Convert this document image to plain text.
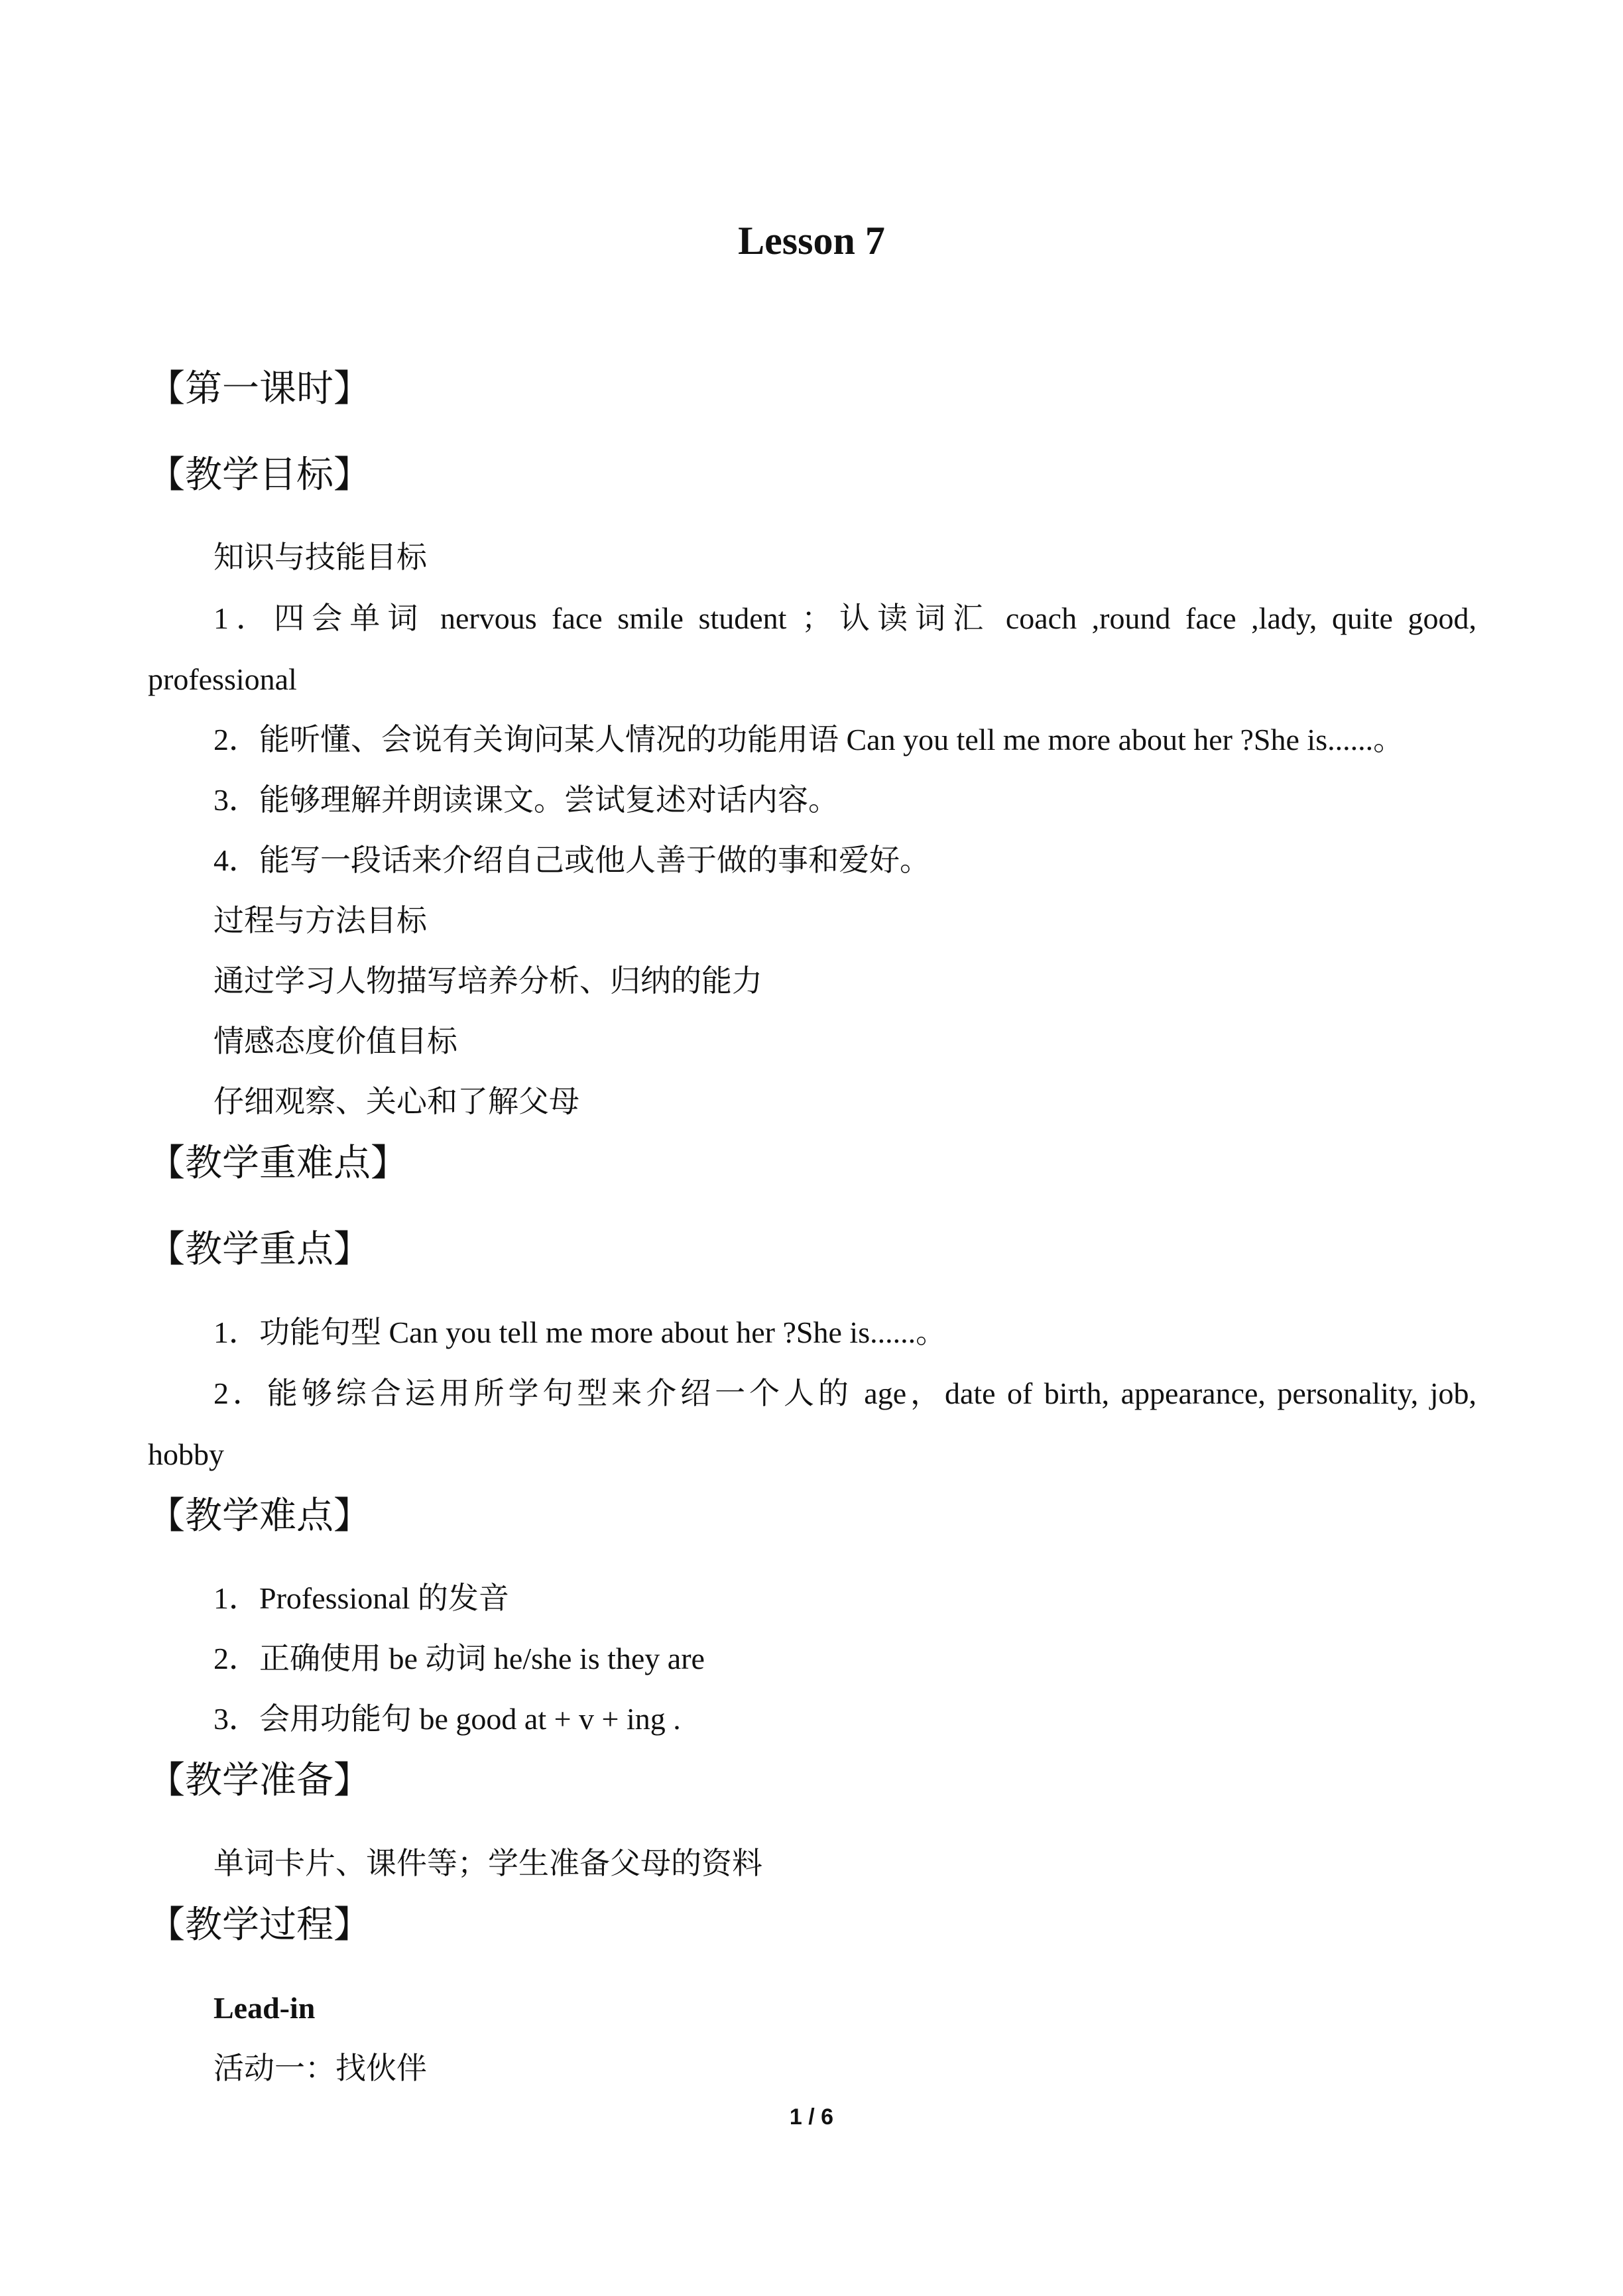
Lesson 7

【第一课时】

【教学目标】

知识与技能目标

1．四会单词 nervous face smile student ；认读词汇 coach ,round face ,lady, quite good,

professional

2．能听懂、会说有关询问某人情况的功能用语 Can you tell me more about her ?She is......。

3．能够理解并朗读课文。尝试复述对话内容。

4．能写一段话来介绍自己或他人善于做的事和爱好。

过程与方法目标

通过学习人物描写培养分析、归纳的能力

情感态度价值目标

仔细观察、关心和了解父母

【教学重难点】

【教学重点】

1．功能句型 Can you tell me more about her ?She is......。

2．能够综合运用所学句型来介绍一个人的 age，date of birth, appearance, personality, job,

hobby

【教学难点】

1．Professional 的发音

2．正确使用 be 动词 he/she is they are

3．会用功能句 be good at + v + ing .

【教学准备】

单词卡片、课件等；学生准备父母的资料

【教学过程】

Lead-in

活动一：找伙伴

1 / 6
